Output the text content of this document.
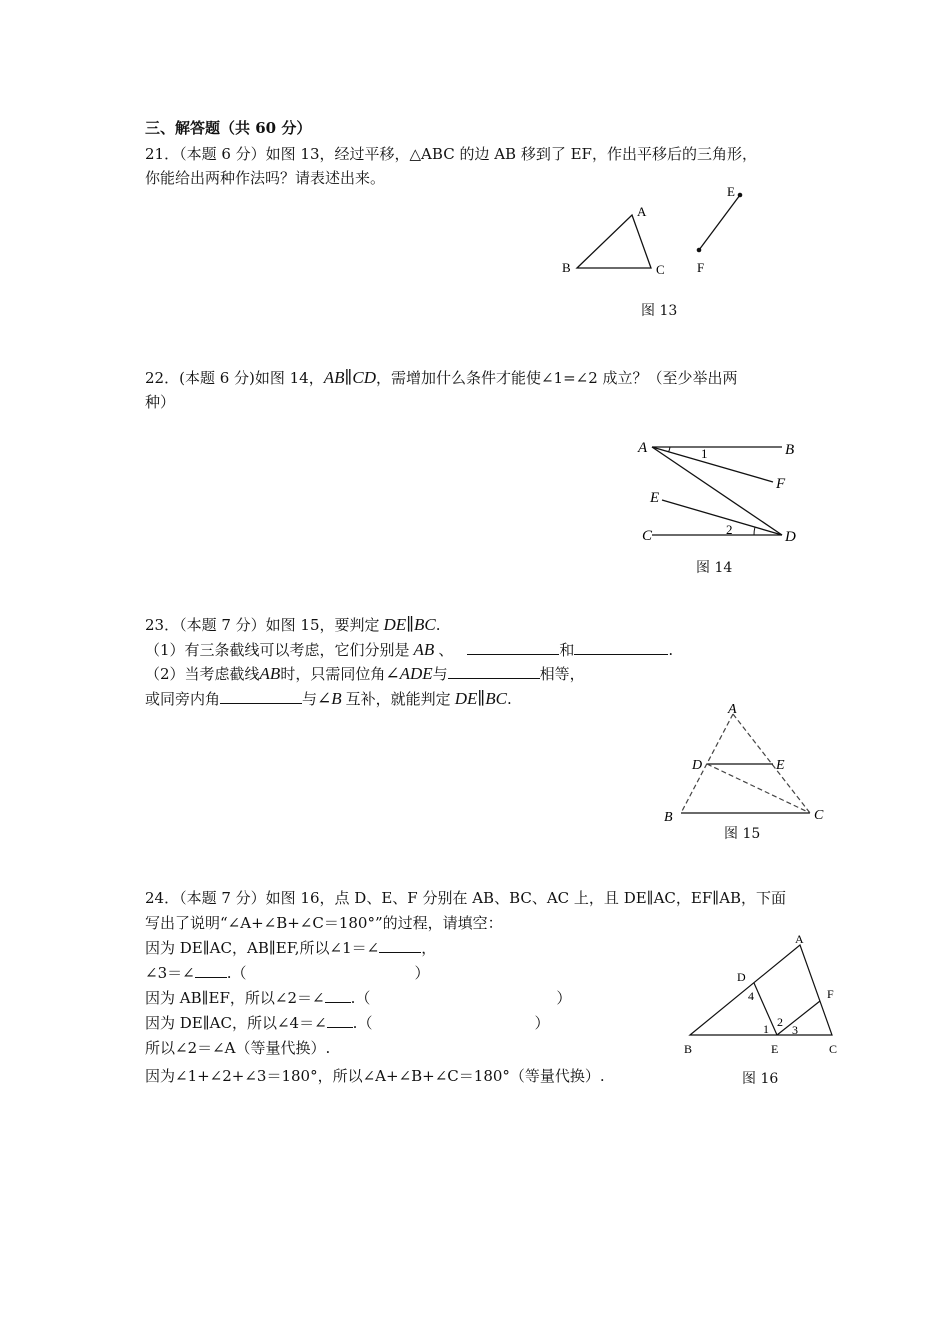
三、解答题（共 60 分）
21．（本题 6 分）如图 13，经过平移，△ABC 的边 AB 移到了 EF，作出平移后的三角形，
你能给出两种作法吗？请表述出来。
A
B	C
E
F
图 13
22．(本题 6 分)如图 14，AB∥CD，需增加什么条件才能使∠1=∠2 成立？（至少举出两
种）
A	B
F
E
C	D
1
2
图 14
23．（本题 7 分）如图 15，要判定 DE∥BC.
（1）有三条截线可以考虑，它们分别是 AB 、	和	.
（2）当考虑截线AB时，只需同位角∠ADE与	相等，
或同旁内角	与∠B 互补，就能判定 DE∥BC.
A
D	E
B	C
图 15
24．（本题 7 分）如图 16，点 D、E、F 分别在 AB、BC、AC 上，且 DE∥AC，EF∥AB，下面
写出了说明“∠A+∠B+∠C＝180°”的过程，请填空：
因为 DE∥AC，AB∥EF,所以∠1＝∠	，
∠3＝∠ .（	）
因为 AB∥EF，所以∠2＝∠ .（	）
因为 DE∥AC，所以∠4＝∠ .（	）
所以∠2＝∠A（等量代换）.
因为∠1+∠2+∠3＝180°，所以∠A+∠B+∠C＝180°（等量代换）.
A
D
F
B	E	C
4
1 2
3
图 16
